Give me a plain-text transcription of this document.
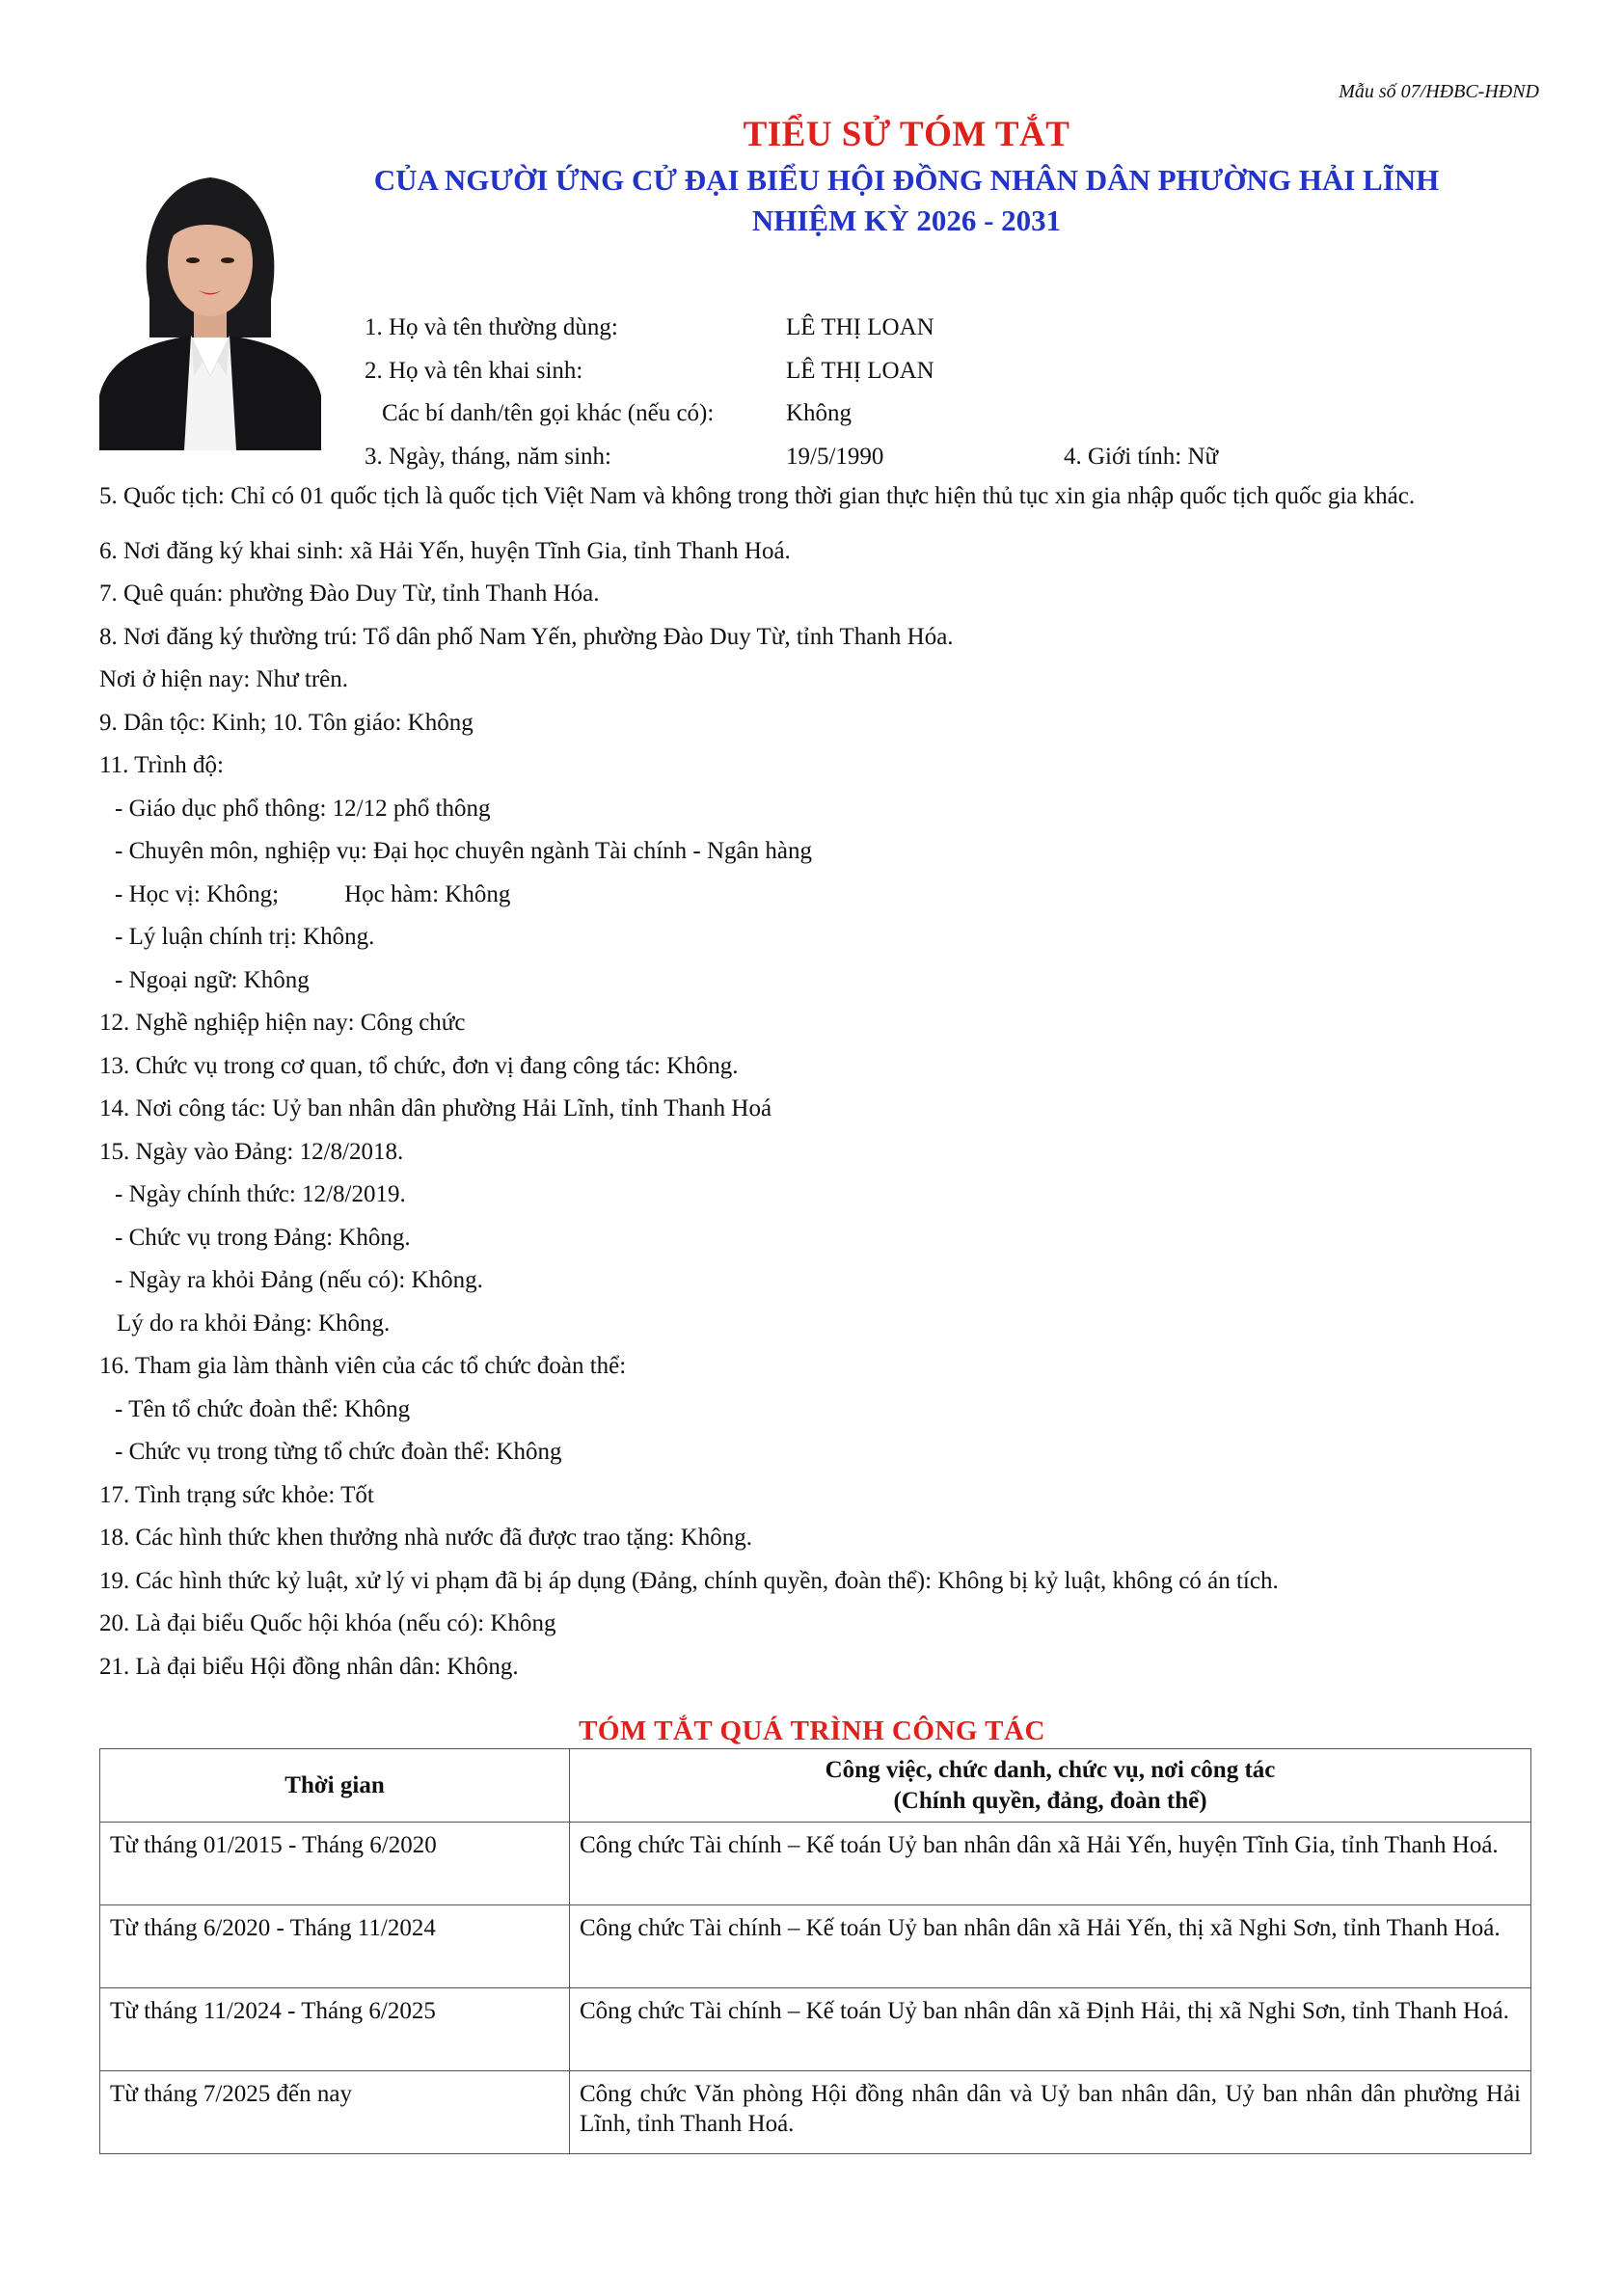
Mẫu số 07/HĐBC-HĐND
TIỂU SỬ TÓM TẮT
CỦA NGƯỜI ỨNG CỬ ĐẠI BIỂU HỘI ĐỒNG NHÂN DÂN PHƯỜNG HẢI LĨNH
NHIỆM KỲ 2026 - 2031
1. Họ và tên thường dùng:	LÊ THỊ LOAN
2. Họ và tên khai sinh:	LÊ THỊ LOAN
Các bí danh/tên gọi khác (nếu có):	Không
3. Ngày, tháng, năm sinh:	19/5/1990	4. Giới tính: Nữ
5. Quốc tịch: Chỉ có 01 quốc tịch là quốc tịch Việt Nam và không trong thời gian thực hiện thủ tục xin gia nhập quốc tịch quốc gia khác.
6. Nơi đăng ký khai sinh: xã Hải Yến, huyện Tĩnh Gia, tỉnh Thanh Hoá.
7. Quê quán: phường Đào Duy Từ, tỉnh Thanh Hóa.
8. Nơi đăng ký thường trú: Tổ dân phố Nam Yến, phường Đào Duy Từ, tỉnh Thanh Hóa.
Nơi ở hiện nay: Như trên.
9. Dân tộc: Kinh; 10. Tôn giáo: Không
11. Trình độ:
- Giáo dục phổ thông: 12/12 phổ thông
- Chuyên môn, nghiệp vụ: Đại học chuyên ngành Tài chính - Ngân hàng
- Học vị: Không;	Học hàm: Không
- Lý luận chính trị: Không.
- Ngoại ngữ: Không
12. Nghề nghiệp hiện nay: Công chức
13. Chức vụ trong cơ quan, tổ chức, đơn vị đang công tác: Không.
14. Nơi công tác: Uỷ ban nhân dân phường Hải Lĩnh, tỉnh Thanh Hoá
15. Ngày vào Đảng: 12/8/2018.
- Ngày chính thức: 12/8/2019.
- Chức vụ trong Đảng: Không.
- Ngày ra khỏi Đảng (nếu có): Không.
Lý do ra khỏi Đảng: Không.
16. Tham gia làm thành viên của các tổ chức đoàn thể:
- Tên tổ chức đoàn thể: Không
- Chức vụ trong từng tổ chức đoàn thể: Không
17. Tình trạng sức khỏe: Tốt
18. Các hình thức khen thưởng nhà nước đã được trao tặng: Không.
19. Các hình thức kỷ luật, xử lý vi phạm đã bị áp dụng (Đảng, chính quyền, đoàn thể): Không bị kỷ luật, không có án tích.
20. Là đại biểu Quốc hội khóa (nếu có): Không
21. Là đại biểu Hội đồng nhân dân: Không.
TÓM TẮT QUÁ TRÌNH CÔNG TÁC
Thời gian	Công việc, chức danh, chức vụ, nơi công tác
(Chính quyền, đảng, đoàn thể)

Từ tháng 01/2015 - Tháng 6/2020	Công chức Tài chính – Kế toán Uỷ ban nhân dân xã Hải Yến, huyện Tĩnh Gia, tỉnh Thanh Hoá.
Từ tháng 6/2020 - Tháng 11/2024	Công chức Tài chính – Kế toán Uỷ ban nhân dân xã Hải Yến, thị xã Nghi Sơn, tỉnh Thanh Hoá.
Từ tháng 11/2024 - Tháng 6/2025	Công chức Tài chính – Kế toán Uỷ ban nhân dân xã Định Hải, thị xã Nghi Sơn, tỉnh Thanh Hoá.
Từ tháng 7/2025 đến nay	Công chức Văn phòng Hội đồng nhân dân và Uỷ ban nhân dân, Uỷ ban nhân dân phường Hải Lĩnh, tỉnh Thanh Hoá.
